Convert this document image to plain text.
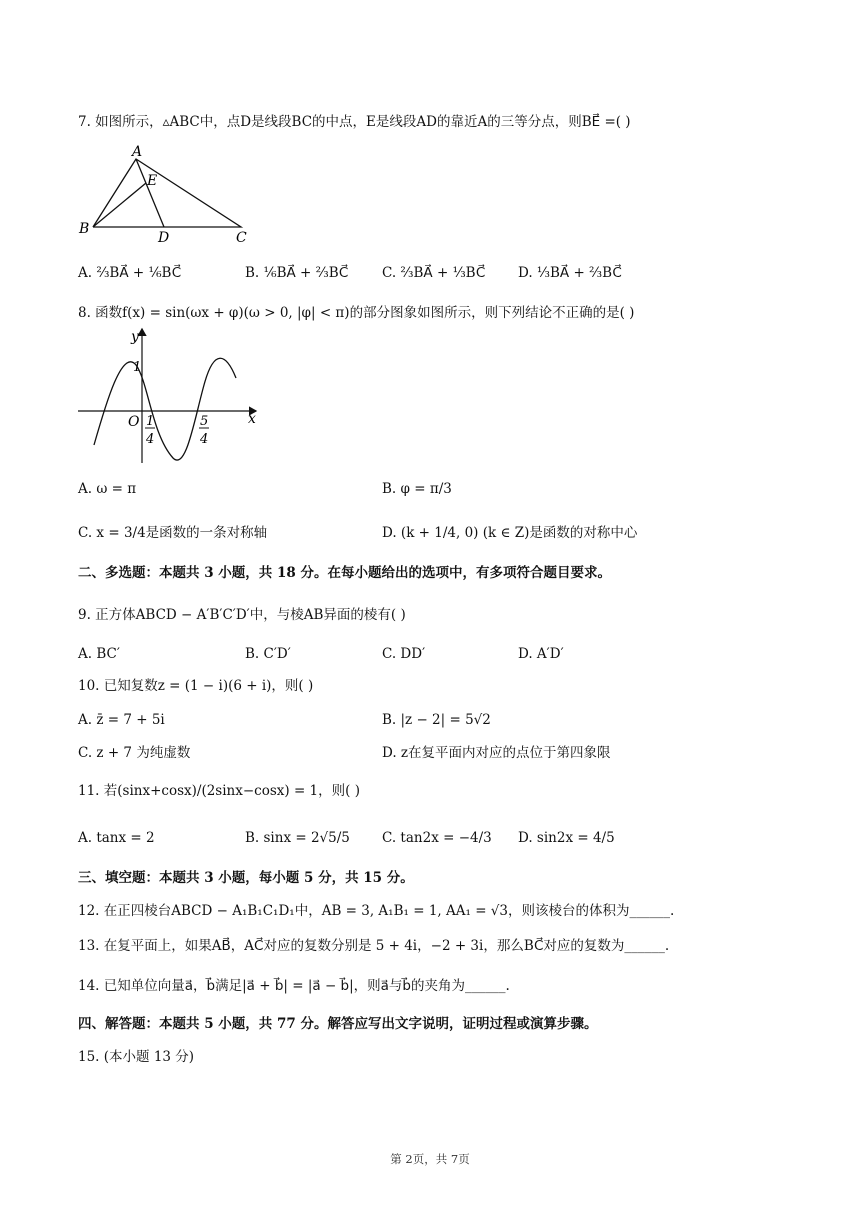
7. 如图所示，▵ABC中，点D是线段BC的中点，E是线段AD的靠近A的三等分点，则BE⃗ =( )
A
E
B
D	C
A. ⅔BA⃗ + ⅙BC⃗	B. ⅙BA⃗ + ⅔BC⃗ C. ⅔BA⃗ + ⅓BC⃗ D. ⅓BA⃗ + ⅔BC⃗
8. 函数f(x) = sin(ωx + φ)(ω > 0, |φ| < π)的部分图象如图所示，则下列结论不正确的是( )
y
1
O	x
1
4
5
4
A. ω = π	B. φ = π/3
C. x = 3/4是函数的一条对称轴	D. (k + 1/4, 0) (k ∈ Z)是函数的对称中心
二、多选题：本题共 3 小题，共 18 分。在每小题给出的选项中，有多项符合题目要求。
9. 正方体ABCD − A′B′C′D′中，与棱AB异面的棱有( )
A. BC′	B. C′D′	C. DD′	D. A′D′
10. 已知复数z = (1 − i)(6 + i)，则( )
A. z̄ = 7 + 5i	B. |z − 2| = 5√2
C. z + 7 为纯虚数	D. z在复平面内对应的点位于第四象限
11. 若(sinx+cosx)/(2sinx−cosx) = 1，则( )
A. tanx = 2	B. sinx = 2√5/5 C. tan2x = −4/3 D. sin2x = 4/5
三、填空题：本题共 3 小题，每小题 5 分，共 15 分。
12. 在正四棱台ABCD − A₁B₁C₁D₁中，AB = 3, A₁B₁ = 1, AA₁ = √3，则该棱台的体积为______.
13. 在复平面上，如果AB⃗，AC⃗对应的复数分别是 5 + 4i，−2 + 3i，那么BC⃗对应的复数为______.
14. 已知单位向量a⃗，b⃗满足|a⃗ + b⃗| = |a⃗ − b⃗|，则a⃗与b⃗的夹角为______.
四、解答题：本题共 5 小题，共 77 分。解答应写出文字说明，证明过程或演算步骤。
15. (本小题 13 分)
第 2页，共 7页
